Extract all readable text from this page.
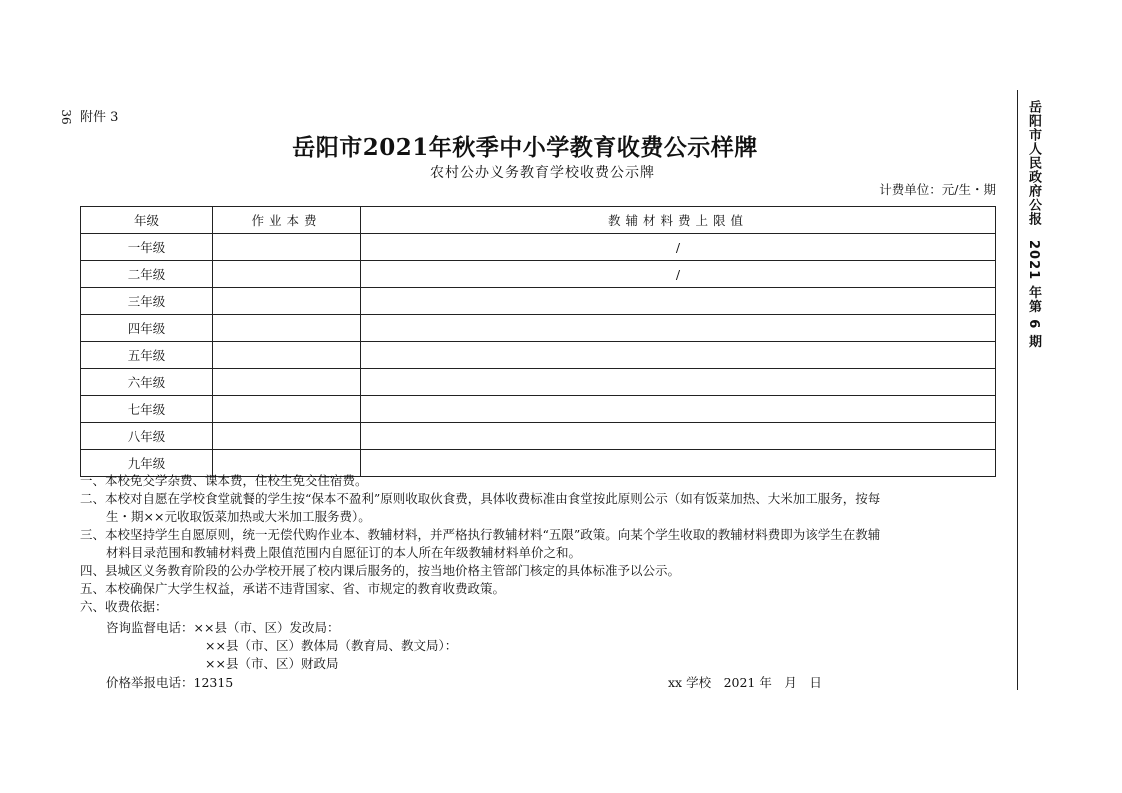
36 附件 3
岳阳市2021年秋季中小学教育收费公示样牌
农村公办义务教育学校收费公示牌
计费单位：元/生・期
年级	作业本费	教辅材料费上限值
一年级		/
二年级		/
三年级		
四年级		
五年级		
六年级		
七年级		
八年级		
九年级		

一、本校免交学杂费、课本费，住校生免交住宿费。

二、本校对自愿在学校食堂就餐的学生按“保本不盈利”原则收取伙食费，具体收费标准由食堂按此原则公示（如有饭菜加热、大米加工服务，按每
生・期××元收取饭菜加热或大米加工服务费）。

三、本校坚持学生自愿原则，统一无偿代购作业本、教辅材料，并严格执行教辅材料“五限”政策。向某个学生收取的教辅材料费即为该学生在教辅
材料目录范围和教辅材料费上限值范围内自愿征订的本人所在年级教辅材料单价之和。

四、县城区义务教育阶段的公办学校开展了校内课后服务的，按当地价格主管部门核定的具体标准予以公示。

五、本校确保广大学生权益，承诺不违背国家、省、市规定的教育收费政策。

六、收费依据：

咨询监督电话：××县（市、区）发改局：
××县（市、区）教体局（教育局、教文局）：
××县（市、区）财政局
价格举报电话：12315	xx 学校　2021 年　月　日
岳阳市人民政府公报　2021 年第 6 期
